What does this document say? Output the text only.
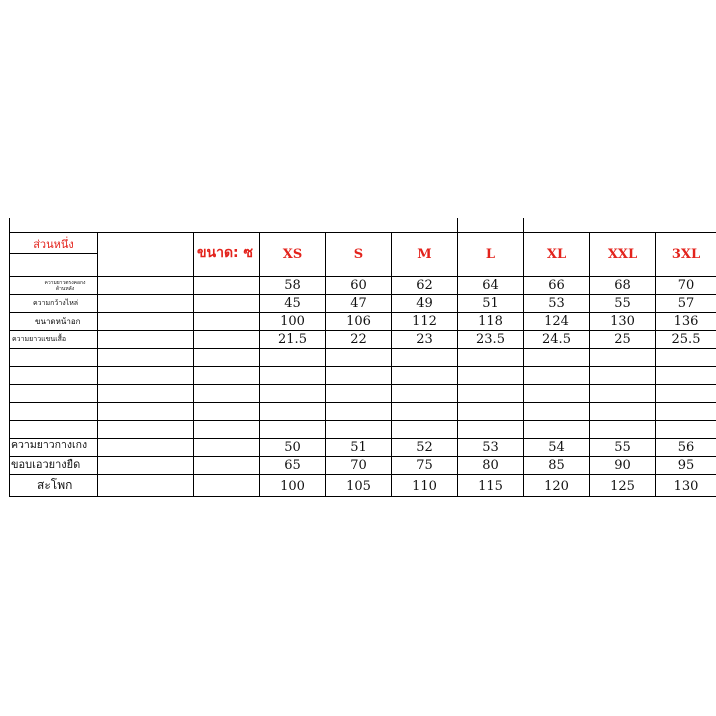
ส่วนหนึ่ง
ขนาด: ซ	XS	S	M	L	XL	XXL	3XL
ความยาวตรงคอกง
ด้านหลัง	58	60	62	64	66	68	70
ความกว้างไหล่	45	47	49	51	53	55	57
ขนาดหน้าอก	100	106	112	118	124	130	136
ความยาวแขนเสื้อ	21.5	22	23	23.5	24.5	25	25.5
ความยาวกางเกง	50	51	52	53	54	55	56
ขอบเอวยางยืด	65	70	75	80	85	90	95
สะโพก	100	105	110	115	120	125	130
